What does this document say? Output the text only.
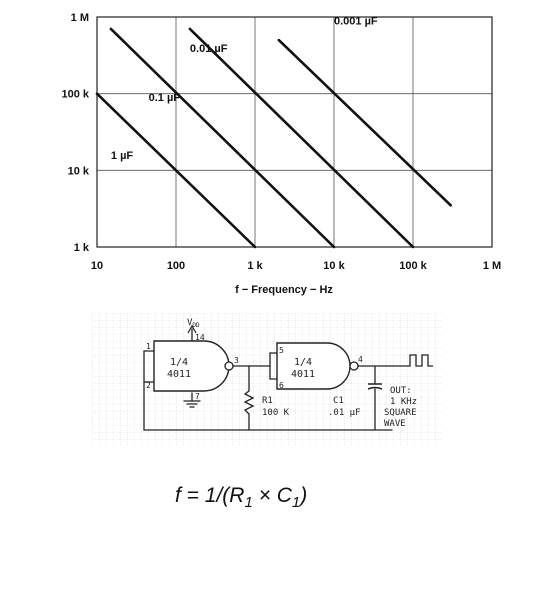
10	100	1 k	10 k	100 k	1 M
1 k
10 k
100 k
1 M
1 µF
0.1 µF
0.01 µF
0.001 µF
f − Frequency − Hz
$V_{DD}$
14
7
1
2
3
5
6
4
1/4
4011
1/4
4011
R1
100 K
C1
.01 µF
OUT:
1 KHz
SQUARE
WAVE
$f = 1/(R_1 \times C_1)$
